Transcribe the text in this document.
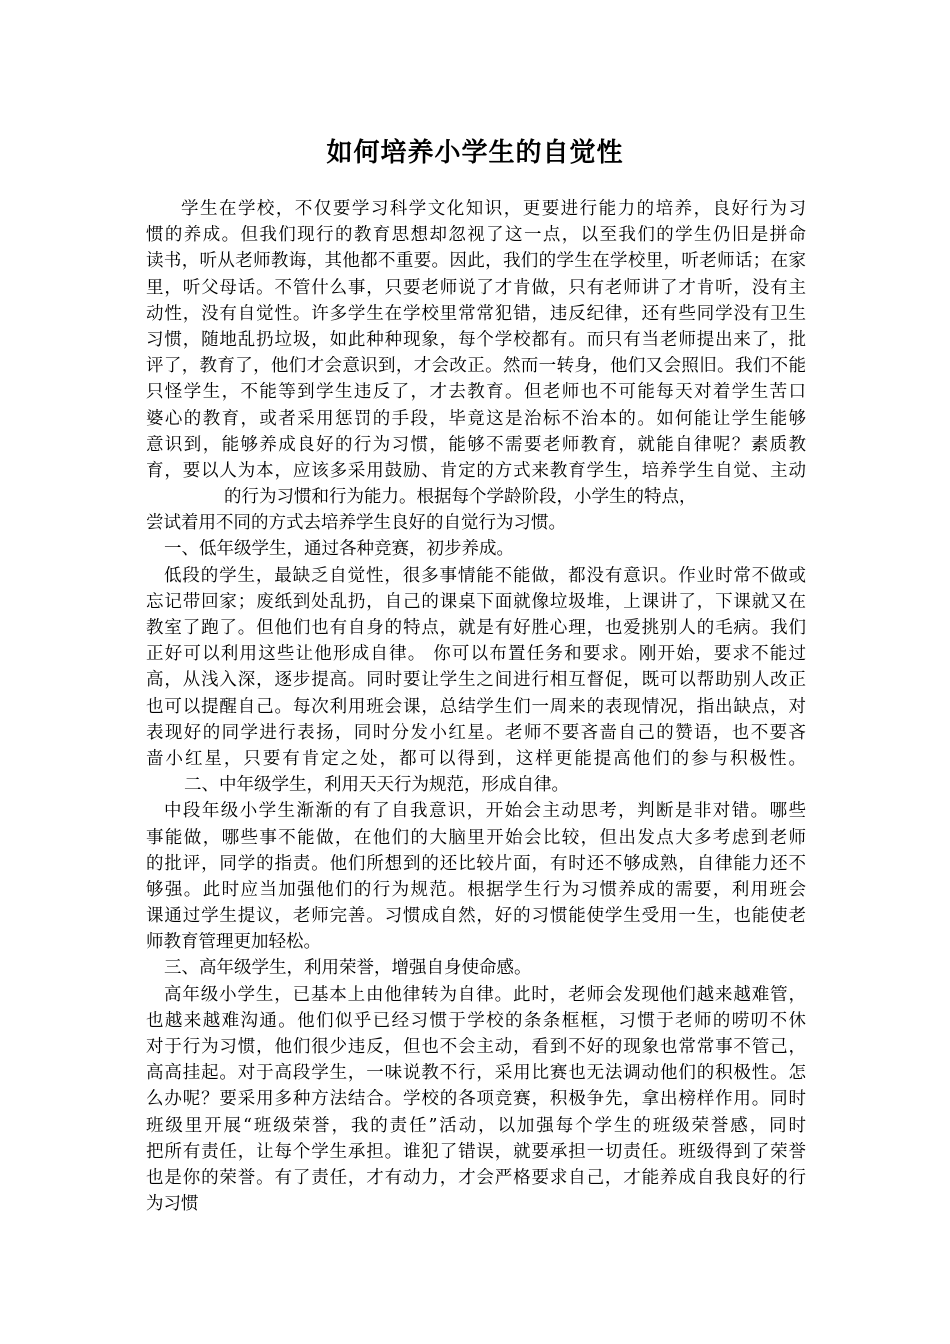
如何培养小学生的自觉性
学生在学校，不仅要学习科学文化知识，更要进行能力的培养，良好行为习
惯的养成。但我们现行的教育思想却忽视了这一点，以至我们的学生仍旧是拼命
读书，听从老师教诲，其他都不重要。因此，我们的学生在学校里，听老师话；在家
里，听父母话。不管什么事，只要老师说了才肯做，只有老师讲了才肯听，没有主
动性，没有自觉性。许多学生在学校里常常犯错，违反纪律，还有些同学没有卫生
习惯，随地乱扔垃圾，如此种种现象，每个学校都有。而只有当老师提出来了，批
评了，教育了，他们才会意识到，才会改正。然而一转身，他们又会照旧。我们不能
只怪学生，不能等到学生违反了，才去教育。但老师也不可能每天对着学生苦口
婆心的教育，或者采用惩罚的手段，毕竟这是治标不治本的。如何能让学生能够
意识到，能够养成良好的行为习惯，能够不需要老师教育，就能自律呢？素质教
育，要以人为本，应该多采用鼓励、肯定的方式来教育学生，培养学生自觉、主动
的行为习惯和行为能力。根据每个学龄阶段，小学生的特点，
尝试着用不同的方式去培养学生良好的自觉行为习惯。
一、低年级学生，通过各种竞赛，初步养成。
低段的学生，最缺乏自觉性，很多事情能不能做，都没有意识。作业时常不做或
忘记带回家；废纸到处乱扔，自己的课桌下面就像垃圾堆，上课讲了，下课就又在
教室了跑了。但他们也有自身的特点，就是有好胜心理，也爱挑别人的毛病。我们
正好可以利用这些让他形成自律。 你可以布置任务和要求。刚开始，要求不能过
高，从浅入深，逐步提高。同时要让学生之间进行相互督促，既可以帮助别人改正
也可以提醒自己。每次利用班会课，总结学生们一周来的表现情况，指出缺点，对
表现好的同学进行表扬，同时分发小红星。老师不要吝啬自己的赞语，也不要吝
啬小红星，只要有肯定之处，都可以得到，这样更能提高他们的参与积极性。
二、中年级学生，利用天天行为规范，形成自律。
中段年级小学生渐渐的有了自我意识，开始会主动思考，判断是非对错。哪些
事能做，哪些事不能做，在他们的大脑里开始会比较，但出发点大多考虑到老师
的批评，同学的指责。他们所想到的还比较片面，有时还不够成熟，自律能力还不
够强。此时应当加强他们的行为规范。根据学生行为习惯养成的需要，利用班会
课通过学生提议，老师完善。习惯成自然，好的习惯能使学生受用一生，也能使老
师教育管理更加轻松。
三、高年级学生，利用荣誉，增强自身使命感。
高年级小学生，已基本上由他律转为自律。此时，老师会发现他们越来越难管，
也越来越难沟通。他们似乎已经习惯于学校的条条框框，习惯于老师的唠叨不休
对于行为习惯，他们很少违反，但也不会主动，看到不好的现象也常常事不管己，
高高挂起。对于高段学生，一味说教不行，采用比赛也无法调动他们的积极性。怎
么办呢？要采用多种方法结合。学校的各项竞赛，积极争先，拿出榜样作用。同时
班级里开展“班级荣誉，我的责任”活动，以加强每个学生的班级荣誉感，同时
把所有责任，让每个学生承担。谁犯了错误，就要承担一切责任。班级得到了荣誉
也是你的荣誉。有了责任，才有动力，才会严格要求自己，才能养成自我良好的行
为习惯
